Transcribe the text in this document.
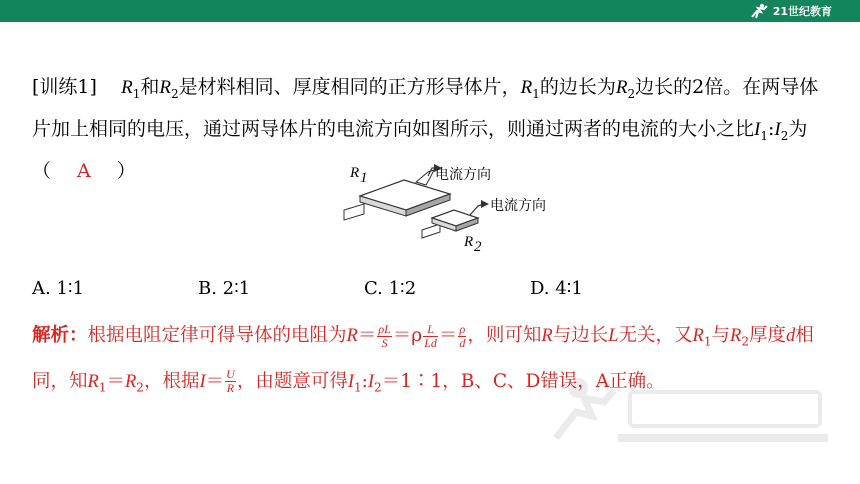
21世纪教育

[训练1] $R_1$和$R_2$是材料相同、厚度相同的正方形导体片，$R_1$的边长为$R_2$边长的2倍。在两导体片加上相同的电压，通过两导体片的电流方向如图所示，则通过两者的电流的大小之比$I_1:I_2$为（ A ）	电流方向
R 1
电流方向
R 2
A. 1∶1	B. 2∶1	C. 1∶2	D. 4∶1

解析：根据电阻定律可得导体的电阻为$R= \frac{\rho L}{S} =\rho \frac{L}{Ld} = \frac{\rho}{d}$ ，则可知R与边长L无关，又$R_1$与$R_2$厚度d相同，知$R_1=R_2$，根据$I= \frac{U}{R}$ ，由题意可得$I_1:I_2=1∶1$，B、C、D错误，A正确。
